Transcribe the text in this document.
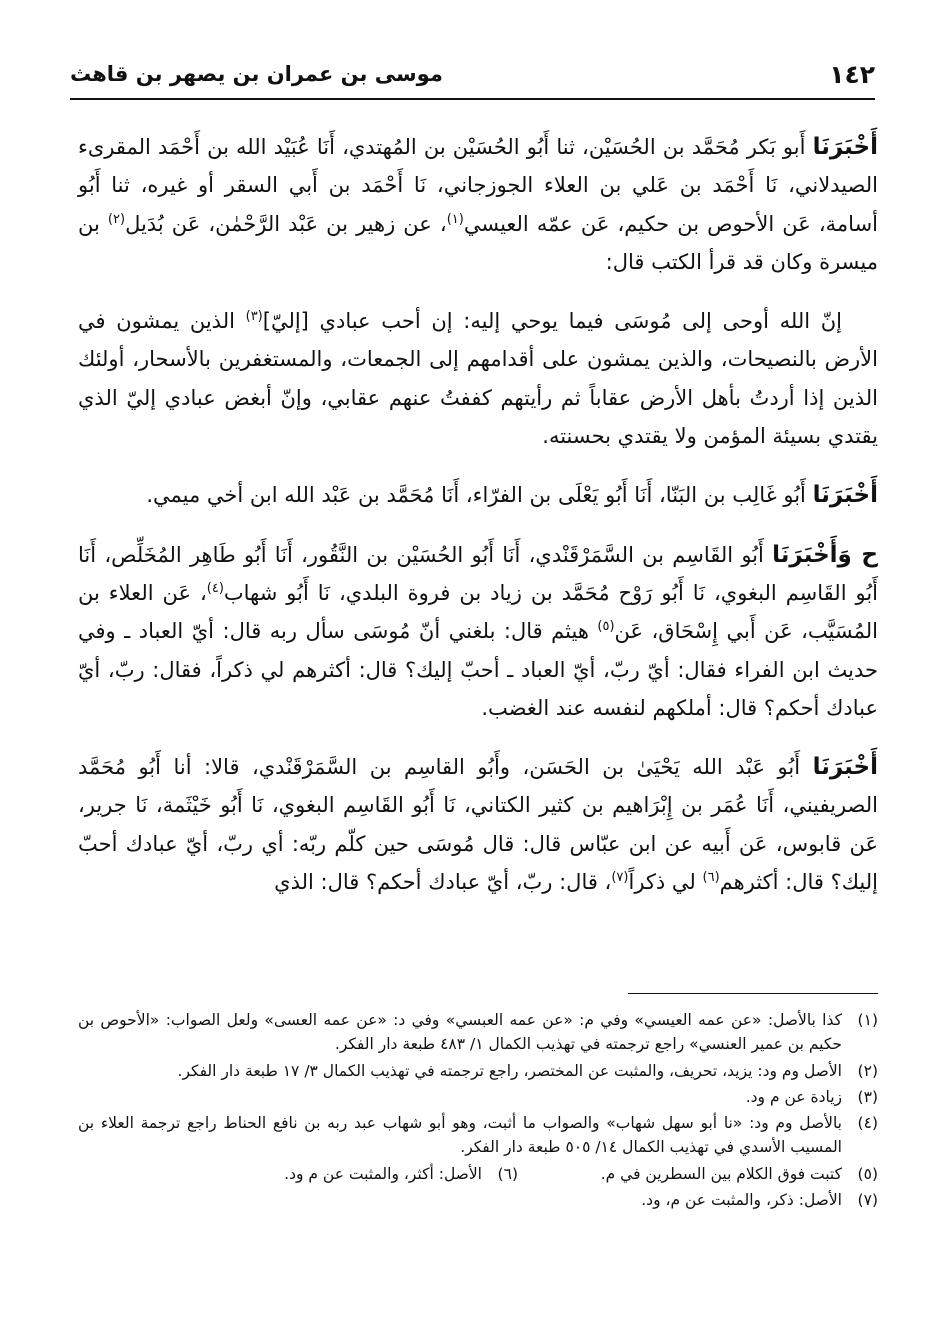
١٤٢
موسى بن عمران بن يصهر بن قاهث

أَخْبَرَنَا أَبو بَكر مُحَمَّد بن الحُسَيْن، ثنا أَبُو الحُسَيْن بن المُهتدي، أَنَا عُبَيْد الله بن أَحْمَد المقرىء الصيدلاني، نَا أَحْمَد بن عَلي بن العلاء الجوزجاني، نَا أَحْمَد بن أَبي السقر أو غيره، ثنا أَبُو أسامة، عَن الأحوص بن حكيم، عَن عمّه العيسي$^{(١)}$، عن زهير بن عَبْد الرَّحْمٰن، عَن بُدَيل$^{(٢)}$ بن ميسرة وكان قد قرأ الكتب قال:

إنّ الله أوحى إلى مُوسَى فيما يوحي إليه: إن أحب عبادي [إليّ]$^{(٣)}$ الذين يمشون في الأرض بالنصيحات، والذين يمشون على أقدامهم إلى الجمعات، والمستغفرين بالأسحار، أولئك الذين إذا أردتُ بأهل الأرض عقاباً ثم رأيتهم كففتُ عنهم عقابي، وإنّ أبغض عبادي إليّ الذي يقتدي بسيئة المؤمن ولا يقتدي بحسنته.

أَخْبَرَنَا أَبُو غَالِب بن البَنّا، أَنَا أَبُو يَعْلَى بن الفرّاء، أَنَا مُحَمَّد بن عَبْد الله ابن أخي ميمي.

ح وَأَخْبَرَنَا أَبُو القَاسِم بن السَّمَرْقَنْدي، أَنَا أَبُو الحُسَيْن بن النَّقُور، أَنَا أَبُو طَاهِر المُخَلِّص، أَنَا أَبُو القَاسِم البغوي، نَا أَبُو رَوْح مُحَمَّد بن زياد بن فروة البلدي، نَا أَبُو شهاب$^{(٤)}$، عَن العلاء بن المُسَيَّب، عَن أَبي إِسْحَاق، عَن$^{(٥)}$ هيثم قال: بلغني أنّ مُوسَى سأل ربه قال: أيّ العباد ـ وفي حديث ابن الفراء فقال: أيّ ربّ، أيّ العباد ـ أحبّ إليك؟ قال: أكثرهم لي ذكراً، فقال: ربّ، أيّ عبادك أحكم؟ قال: أملكهم لنفسه عند الغضب.

أَخْبَرَنَا أَبُو عَبْد الله يَحْيَىٰ بن الحَسَن، وأَبُو القاسِم بن السَّمَرْقَنْدي، قالا: أنا أَبُو مُحَمَّد الصريفيني، أَنَا عُمَر بن إِبْرَاهيم بن كثير الكتاني، نَا أَبُو القَاسِم البغوي، نَا أَبُو خَيْثَمة، نَا جرير، عَن قابوس، عَن أَبيه عن ابن عبّاس قال: قال مُوسَى حين كلّم ربّه: أي ربّ، أيّ عبادك أحبّ إليك؟ قال: أكثرهم$^{(٦)}$ لي ذكراً$^{(٧)}$، قال: ربّ، أيّ عبادك أحكم؟ قال: الذي

(١)
كذا بالأصل: «عن عمه العيسي» وفي م: «عن عمه العبسي» وفي د: «عن عمه العسى» ولعل الصواب: «الأحوص بن حكيم بن عمير العنسي» راجع ترجمته في تهذيب الكمال ١/ ٤٨٣ طبعة دار الفكر.
(٢)
الأصل وم ود: يزيد، تحريف، والمثبت عن المختصر، راجع ترجمته في تهذيب الكمال ٣/ ١٧ طبعة دار الفكر.
(٣)
زيادة عن م ود.
(٤)
بالأصل وم ود: «نا أبو سهل شهاب» والصواب ما أثبت، وهو أبو شهاب عبد ربه بن نافع الحناط راجع ترجمة العلاء بن المسيب الأسدي في تهذيب الكمال ١٤/ ٥٠٥ طبعة دار الفكر.
(٥)
كتبت فوق الكلام بين السطرين في م.
(٦)
الأصل: أكثر، والمثبت عن م ود.
(٧)
الأصل: ذكر، والمثبت عن م، ود.
